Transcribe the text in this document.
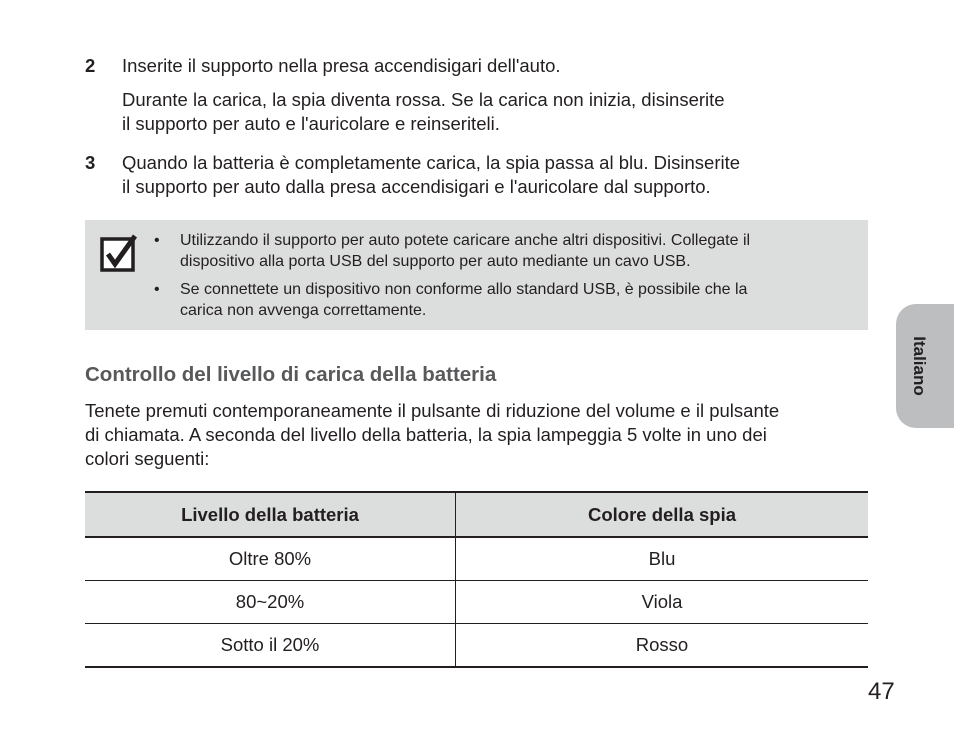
2 Inserite il supporto nella presa accendisigari dell'auto.

Durante la carica, la spia diventa rossa. Se la carica non inizia, disinserite
il supporto per auto e l'auricolare e reinseriteli.

3 Quando la batteria è completamente carica, la spia passa al blu. Disinserite
il supporto per auto dalla presa accendisigari e l'auricolare dal supporto.

• Utilizzando il supporto per auto potete caricare anche altri dispositivi. Collegate il
dispositivo alla porta USB del supporto per auto mediante un cavo USB.
• Se connettete un dispositivo non conforme allo standard USB, è possibile che la
carica non avvenga correttamente.
Controllo del livello di carica della batteria

Tenete premuti contemporaneamente il pulsante di riduzione del volume e il pulsante
di chiamata. A seconda del livello della batteria, la spia lampeggia 5 volte in uno dei
colori seguenti:

Livello della batteria	Colore della spia
Oltre 80%	Blu
80~20%	Viola
Sotto il 20%	Rosso
Italiano
47
